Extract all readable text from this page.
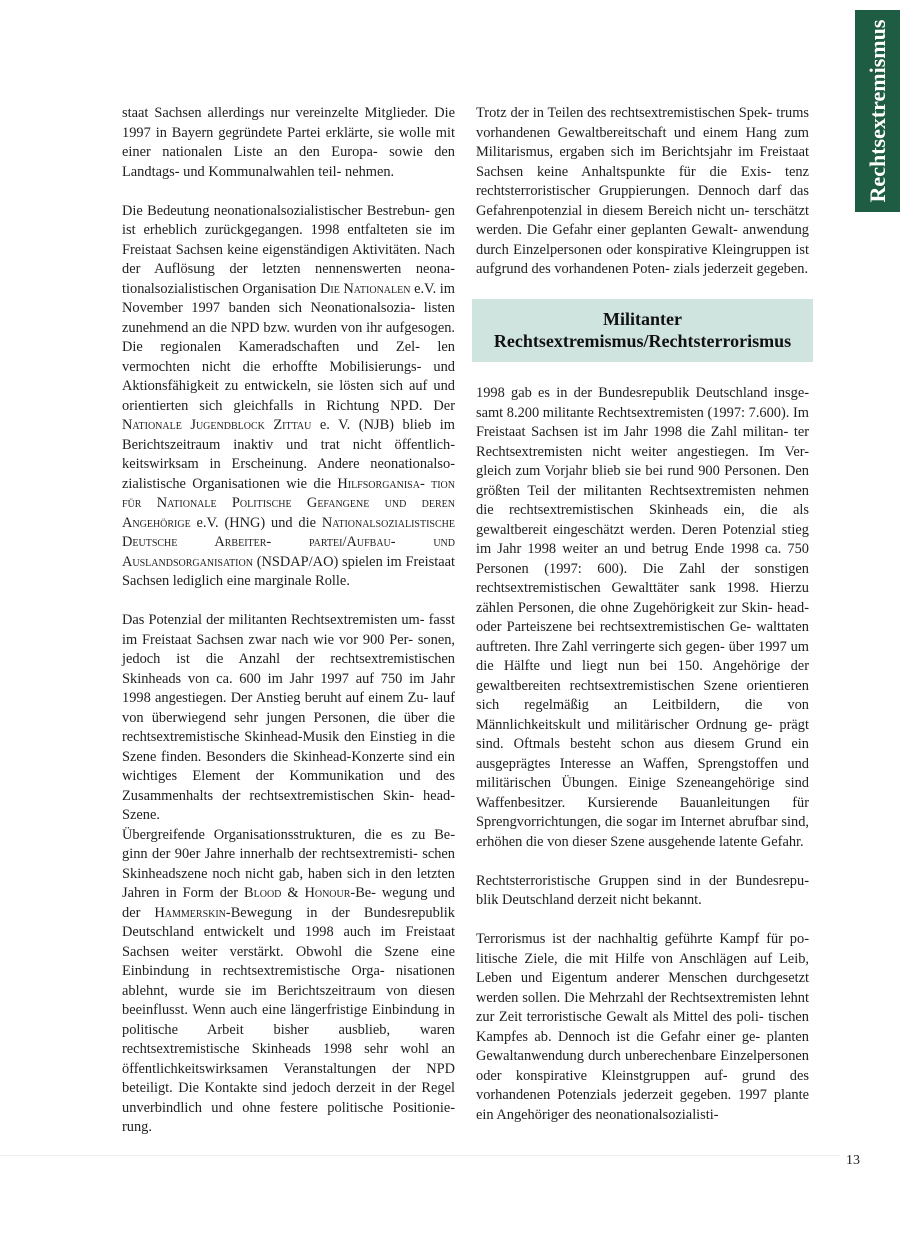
Rechtsextremismus

staat Sachsen allerdings nur vereinzelte Mitglieder. Die 1997 in Bayern gegründete Partei erklärte, sie wolle mit einer nationalen Liste an den Europa- sowie den Landtags- und Kommunalwahlen teil- nehmen.

Die Bedeutung neonationalsozialistischer Bestrebun- gen ist erheblich zurückgegangen. 1998 entfalteten sie im Freistaat Sachsen keine eigenständigen Aktivitäten. Nach der Auflösung der letzten nennenswerten neona- tionalsozialistischen Organisation Die Nationalen e.V. im November 1997 banden sich Neonationalsozia- listen zunehmend an die NPD bzw. wurden von ihr aufgesogen. Die regionalen Kameradschaften und Zel- len vermochten nicht die erhoffte Mobilisierungs- und Aktionsfähigkeit zu entwickeln, sie lösten sich auf und orientierten sich gleichfalls in Richtung NPD. Der Nationale Jugendblock Zittau e. V. (NJB) blieb im Berichtszeitraum inaktiv und trat nicht öffentlich- keitswirksam in Erscheinung. Andere neonationalso- zialistische Organisationen wie die Hilfsorganisa- tion für Nationale Politische Gefangene und deren Angehörige e.V. (HNG) und die Nationalsozialistische Deutsche Arbeiter- partei/Aufbau- und Auslandsorganisation (NSDAP/AO) spielen im Freistaat Sachsen lediglich eine marginale Rolle.

Das Potenzial der militanten Rechtsextremisten um- fasst im Freistaat Sachsen zwar nach wie vor 900 Per- sonen, jedoch ist die Anzahl der rechtsextremistischen Skinheads von ca. 600 im Jahr 1997 auf 750 im Jahr 1998 angestiegen. Der Anstieg beruht auf einem Zu- lauf von überwiegend sehr jungen Personen, die über die rechtsextremistische Skinhead-Musik den Einstieg in die Szene finden. Besonders die Skinhead-Konzerte sind ein wichtiges Element der Kommunikation und des Zusammenhalts der rechtsextremistischen Skin- head-Szene.

Übergreifende Organisationsstrukturen, die es zu Be- ginn der 90er Jahre innerhalb der rechtsextremisti- schen Skinheadszene noch nicht gab, haben sich in den letzten Jahren in Form der Blood & Honour-Be- wegung und der Hammerskin-Bewegung in der Bundesrepublik Deutschland entwickelt und 1998 auch im Freistaat Sachsen weiter verstärkt. Obwohl die Szene eine Einbindung in rechtsextremistische Orga- nisationen ablehnt, wurde sie im Berichtszeitraum von diesen beeinflusst. Wenn auch eine längerfristige Einbindung in politische Arbeit bisher ausblieb, waren rechtsextremistische Skinheads 1998 sehr wohl an öffentlichkeitswirksamen Veranstaltungen der NPD beteiligt. Die Kontakte sind jedoch derzeit in der Regel unverbindlich und ohne festere politische Positionie- rung.

Trotz der in Teilen des rechtsextremistischen Spek- trums vorhandenen Gewaltbereitschaft und einem Hang zum Militarismus, ergaben sich im Berichtsjahr im Freistaat Sachsen keine Anhaltspunkte für die Exis- tenz rechtsterroristischer Gruppierungen. Dennoch darf das Gefahrenpotenzial in diesem Bereich nicht un- terschätzt werden. Die Gefahr einer geplanten Gewalt- anwendung durch Einzelpersonen oder konspirative Kleingruppen ist aufgrund des vorhandenen Poten- zials jederzeit gegeben.

Militanter
Rechtsextremismus/Rechtsterrorismus

1998 gab es in der Bundesrepublik Deutschland insge- samt 8.200 militante Rechtsextremisten (1997: 7.600). Im Freistaat Sachsen ist im Jahr 1998 die Zahl militan- ter Rechtsextremisten nicht weiter angestiegen. Im Ver- gleich zum Vorjahr blieb sie bei rund 900 Personen. Den größten Teil der militanten Rechtsextremisten nehmen die rechtsextremistischen Skinheads ein, die als gewaltbereit eingeschätzt werden. Deren Potenzial stieg im Jahr 1998 weiter an und betrug Ende 1998 ca. 750 Personen (1997: 600). Die Zahl der sonstigen rechtsextremistischen Gewalttäter sank 1998. Hierzu zählen Personen, die ohne Zugehörigkeit zur Skin- head- oder Parteiszene bei rechtsextremistischen Ge- walttaten auftreten. Ihre Zahl verringerte sich gegen- über 1997 um die Hälfte und liegt nun bei 150. Angehörige der gewaltbereiten rechtsextremistischen Szene orientieren sich regelmäßig an Leitbildern, die von Männlichkeitskult und militärischer Ordnung ge- prägt sind. Oftmals besteht schon aus diesem Grund ein ausgeprägtes Interesse an Waffen, Sprengstoffen und militärischen Übungen. Einige Szeneangehörige sind Waffenbesitzer. Kursierende Bauanleitungen für Sprengvorrichtungen, die sogar im Internet abrufbar sind, erhöhen die von dieser Szene ausgehende latente Gefahr.

Rechtsterroristische Gruppen sind in der Bundesrepu- blik Deutschland derzeit nicht bekannt.

Terrorismus ist der nachhaltig geführte Kampf für po- litische Ziele, die mit Hilfe von Anschlägen auf Leib, Leben und Eigentum anderer Menschen durchgesetzt werden sollen. Die Mehrzahl der Rechtsextremisten lehnt zur Zeit terroristische Gewalt als Mittel des poli- tischen Kampfes ab. Dennoch ist die Gefahr einer ge- planten Gewaltanwendung durch unberechenbare Einzelpersonen oder konspirative Kleinstgruppen auf- grund des vorhandenen Potenzials jederzeit gegeben. 1997 plante ein Angehöriger des neonationalsozialisti-

13
